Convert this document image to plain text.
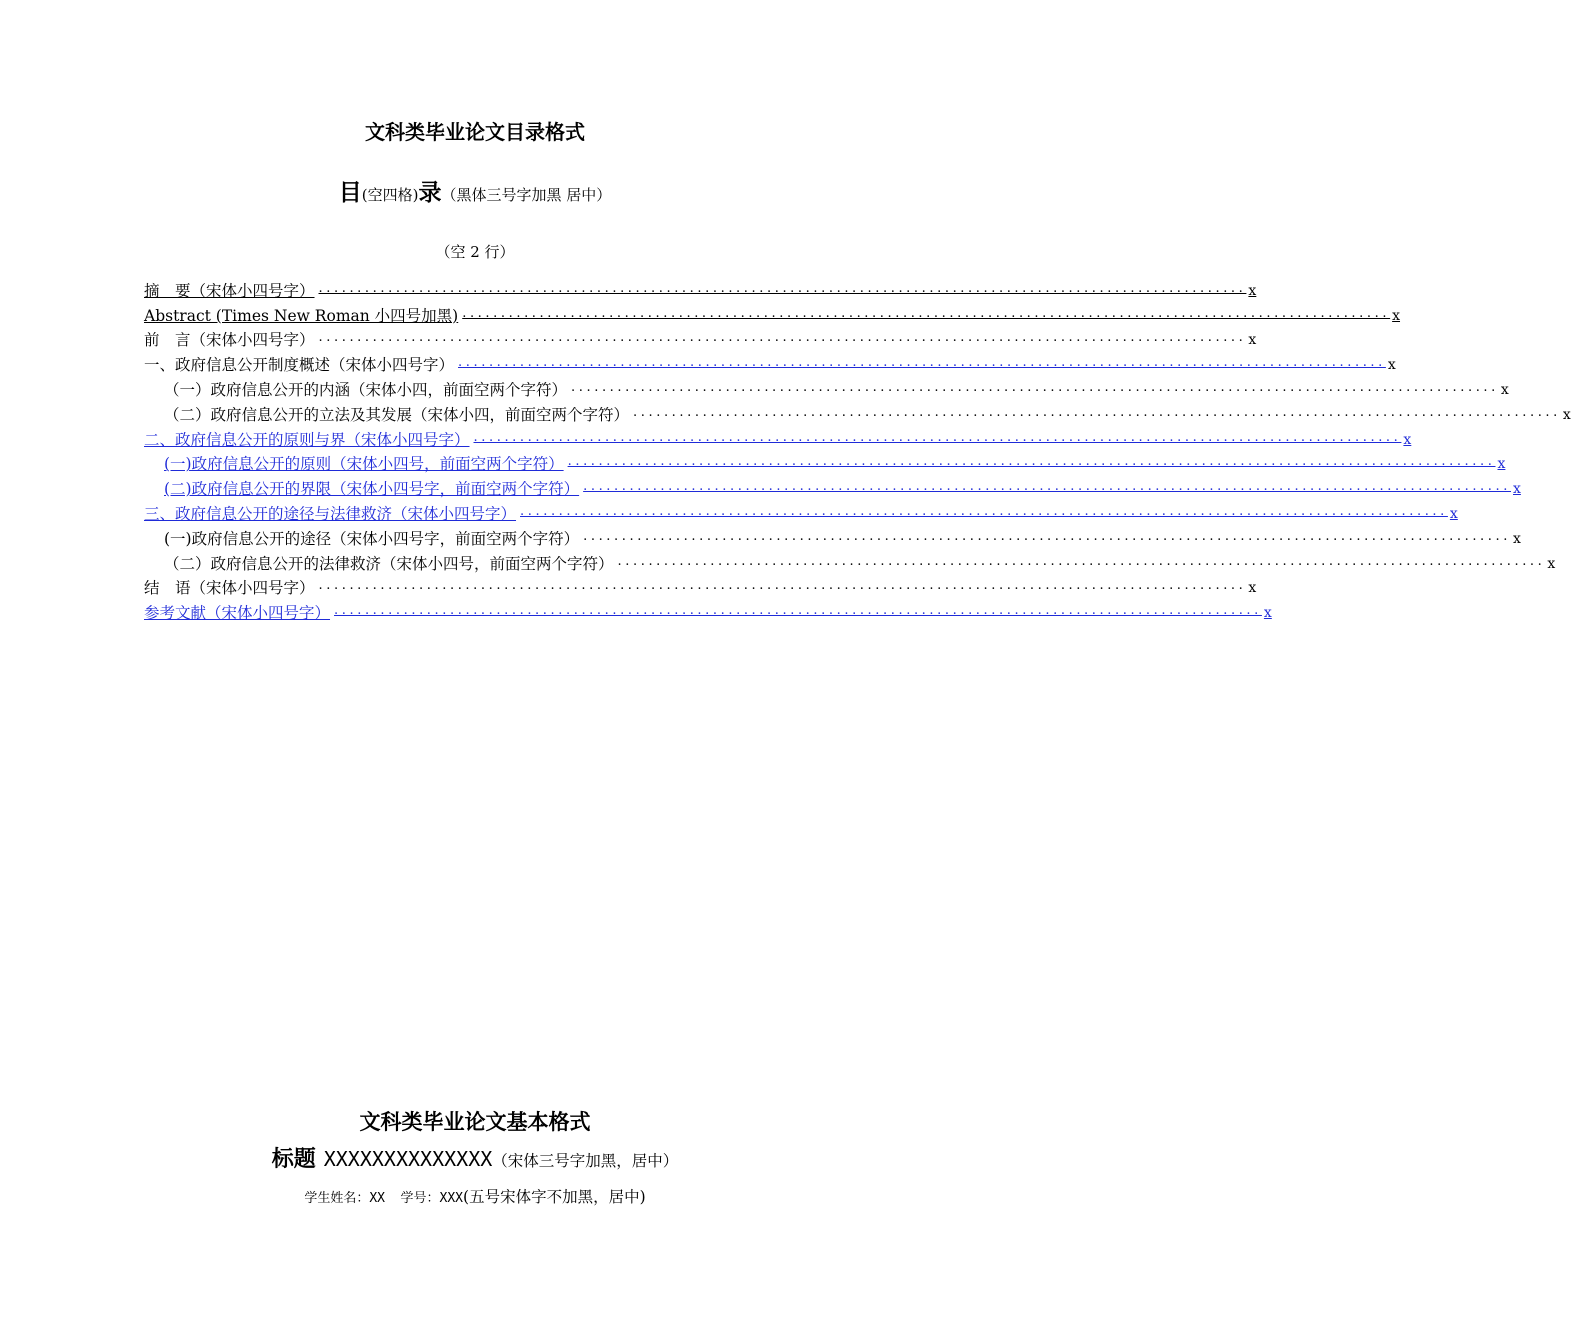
文科类毕业论文目录格式
目(空四格)录（黑体三号字加黑 居中）
（空 2 行）
摘　要（宋体小四号字） ........................................................................................................................ x
Abstract (Times New Roman 小四号加黑) ........................................................................................................................ x
前　言（宋体小四号字） ........................................................................................................................ x
一、政府信息公开制度概述（宋体小四号字） ........................................................................................................................ x
（一）政府信息公开的内涵（宋体小四，前面空两个字符） ........................................................................................................................ x
（二）政府信息公开的立法及其发展（宋体小四，前面空两个字符） ........................................................................................................................ x
二、政府信息公开的原则与界（宋体小四号字） ........................................................................................................................ x
(一)政府信息公开的原则（宋体小四号，前面空两个字符） ........................................................................................................................ x
(二)政府信息公开的界限（宋体小四号字，前面空两个字符） ........................................................................................................................ x
三、政府信息公开的途径与法律救济（宋体小四号字） ........................................................................................................................ x
(一)政府信息公开的途径（宋体小四号字，前面空两个字符） ........................................................................................................................ x
（二）政府信息公开的法律救济（宋体小四号，前面空两个字符） ........................................................................................................................ x
结　语（宋体小四号字） ........................................................................................................................ x
参考文献（宋体小四号字） ........................................................................................................................ x
文科类毕业论文基本格式
标题 XXXXXXXXXXXXXX（宋体三号字加黑，居中）
学生姓名：XX　 学号：XXX(五号宋体字不加黑，居中)
